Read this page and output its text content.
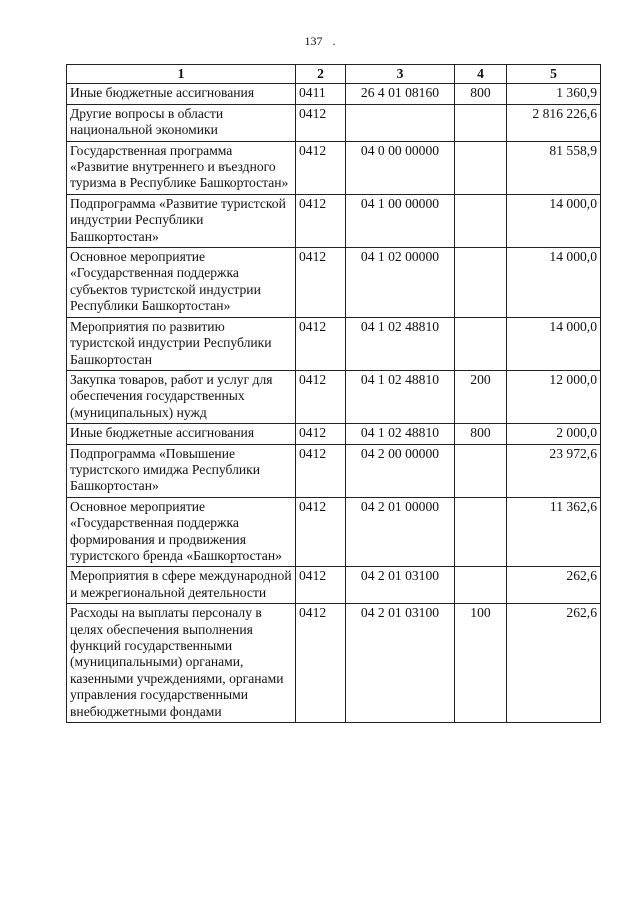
137 .
1	2	3	4	5
Иные бюджетные ассигнования	0411	26 4 01 08160	800	1 360,9
Другие вопросы в области национальной экономики	0412			2 816 226,6
Государственная программа «Развитие внутреннего и въездного туризма в Республике Башкортостан»	0412	04 0 00 00000		81 558,9
Подпрограмма «Развитие туристской индустрии Республики Башкортостан»	0412	04 1 00 00000		14 000,0
Основное мероприятие «Государственная поддержка субъектов туристской индустрии Республики Башкортостан»	0412	04 1 02 00000		14 000,0
Мероприятия по развитию туристской индустрии Республики Башкортостан	0412	04 1 02 48810		14 000,0
Закупка товаров, работ и услуг для обеспечения государственных (муниципальных) нужд	0412	04 1 02 48810	200	12 000,0
Иные бюджетные ассигнования	0412	04 1 02 48810	800	2 000,0
Подпрограмма «Повышение туристского имиджа Республики Башкортостан»	0412	04 2 00 00000		23 972,6
Основное мероприятие «Государственная поддержка формирования и продвижения туристского бренда «Башкортостан»	0412	04 2 01 00000		11 362,6
Мероприятия в сфере международной и межрегиональной деятельности	0412	04 2 01 03100		262,6
Расходы на выплаты персоналу в целях обеспечения выполнения функций государственными (муниципальными) органами, казенными учреждениями, органами управления государственными внебюджетными фондами	0412	04 2 01 03100	100	262,6
